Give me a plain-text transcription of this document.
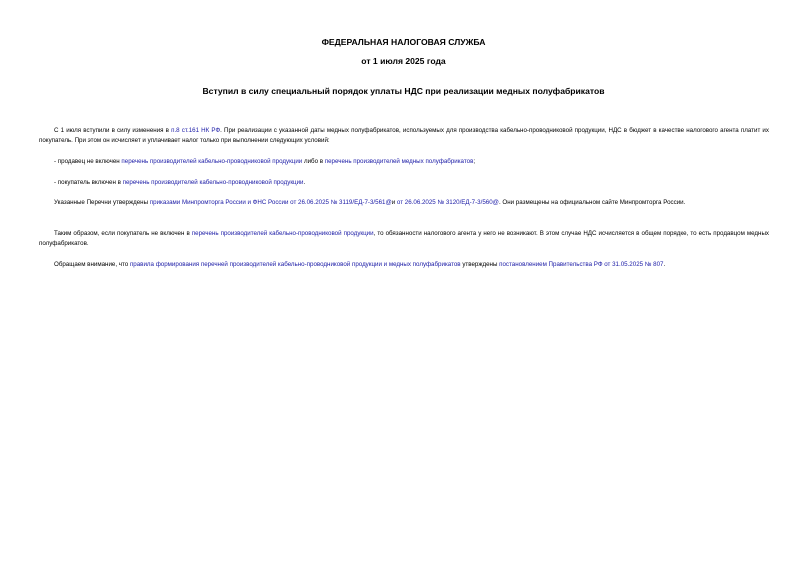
ФЕДЕРАЛЬНАЯ НАЛОГОВАЯ СЛУЖБА
от 1 июля 2025 года
Вступил в силу специальный порядок уплаты НДС при реализации медных полуфабрикатов

С 1 июля вступили в силу изменения в п.8 ст.161 НК РФ. При реализации с указанной даты медных полуфабрикатов, используемых для производства кабельно-проводниковой продукции, НДС в бюджет в качестве налогового агента платит их покупатель. При этом он исчисляет и уплачивает налог только при выполнении следующих условий:

- продавец не включен перечень производителей кабельно-проводниковой продукции либо в перечень производителей медных полуфабрикатов;

- покупатель включен в перечень производителей кабельно-проводниковой продукции.

Указанные Перечни утверждены приказами Минпромторга России и ФНС России от 26.06.2025 № 3119/ЕД-7-3/561@и от 26.06.2025 № 3120/ЕД-7-3/560@. Они размещены на официальном сайте Минпромторга России.

Таким образом, если покупатель не включен в перечень производителей кабельно-проводниковой продукции, то обязанности налогового агента у него не возникают. В этом случае НДС исчисляется в общем порядке, то есть продавцом медных полуфабрикатов.

Обращаем внимание, что правила формирования перечней производителей кабельно-проводниковой продукции и медных полуфабрикатов утверждены постановлением Правительства РФ от 31.05.2025 № 807.
